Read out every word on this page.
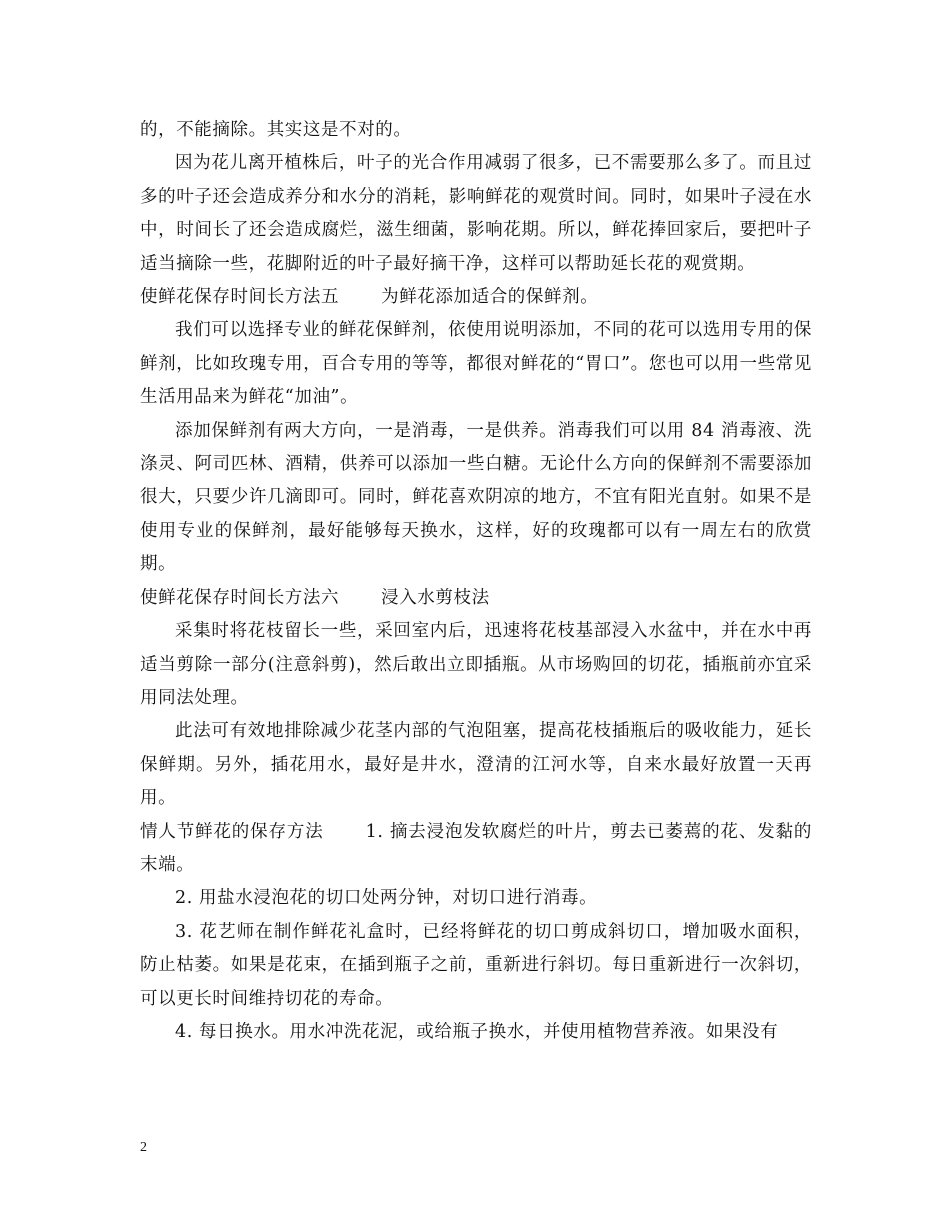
的，不能摘除。其实这是不对的。

因为花儿离开植株后，叶子的光合作用减弱了很多，已不需要那么多了。而且过多的叶子还会造成养分和水分的消耗，影响鲜花的观赏时间。同时，如果叶子浸在水中，时间长了还会造成腐烂，滋生细菌，影响花期。所以，鲜花捧回家后，要把叶子适当摘除一些，花脚附近的叶子最好摘干净，这样可以帮助延长花的观赏期。

使鲜花保存时间长方法五 为鲜花添加适合的保鲜剂。

我们可以选择专业的鲜花保鲜剂，依使用说明添加，不同的花可以选用专用的保鲜剂，比如玫瑰专用，百合专用的等等，都很对鲜花的“胃口”。您也可以用一些常见生活用品来为鲜花“加油”。

添加保鲜剂有两大方向，一是消毒，一是供养。消毒我们可以用 84 消毒液、洗涤灵、阿司匹林、酒精，供养可以添加一些白糖。无论什么方向的保鲜剂不需要添加很大，只要少许几滴即可。同时，鲜花喜欢阴凉的地方，不宜有阳光直射。如果不是使用专业的保鲜剂，最好能够每天换水，这样，好的玫瑰都可以有一周左右的欣赏期。

使鲜花保存时间长方法六 浸入水剪枝法

采集时将花枝留长一些，采回室内后，迅速将花枝基部浸入水盆中，并在水中再适当剪除一部分(注意斜剪)，然后敢出立即插瓶。从市场购回的切花，插瓶前亦宜采用同法处理。

此法可有效地排除减少花茎内部的气泡阻塞，提高花枝插瓶后的吸收能力，延长保鲜期。另外，插花用水，最好是井水，澄清的江河水等，自来水最好放置一天再用。

情人节鲜花的保存方法 1. 摘去浸泡发软腐烂的叶片，剪去已萎蔫的花、发黏的末端。

2. 用盐水浸泡花的切口处两分钟，对切口进行消毒。

3. 花艺师在制作鲜花礼盒时，已经将鲜花的切口剪成斜切口，增加吸水面积，防止枯萎。如果是花束，在插到瓶子之前，重新进行斜切。每日重新进行一次斜切，可以更长时间维持切花的寿命。

4. 每日换水。用水冲洗花泥，或给瓶子换水，并使用植物营养液。如果没有

2
